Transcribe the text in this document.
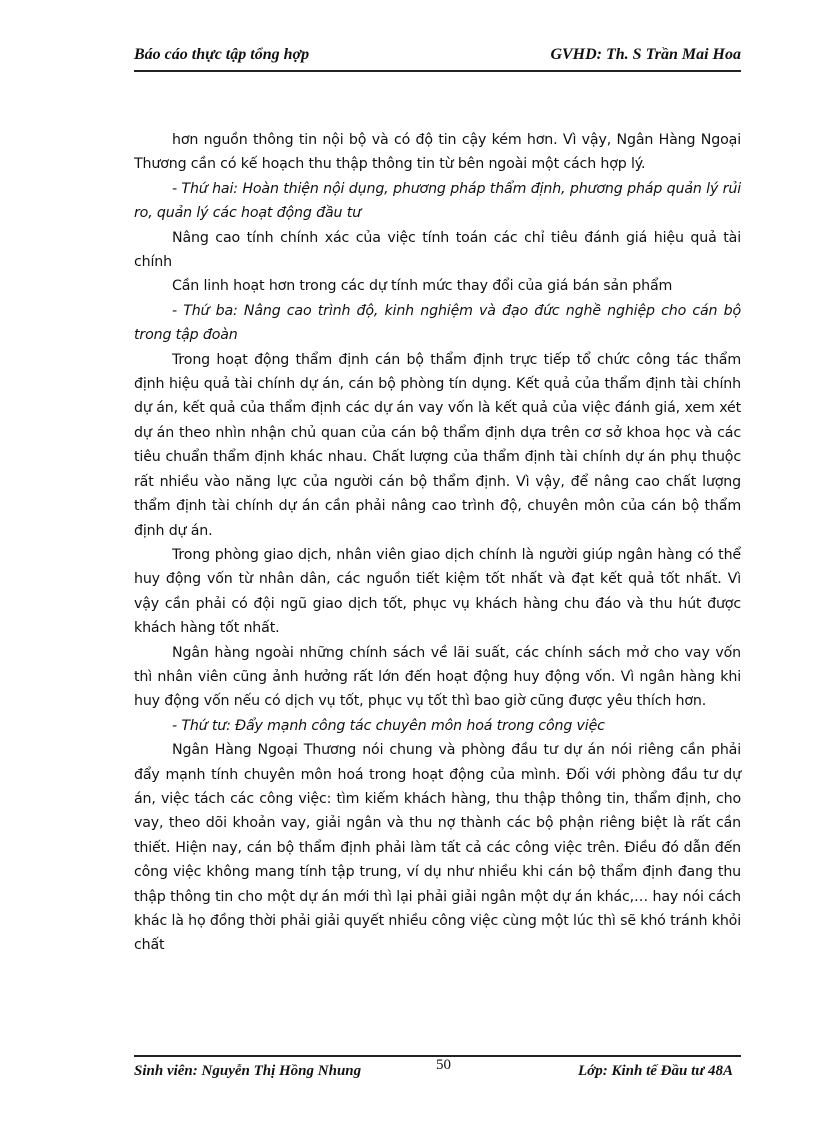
Báo cáo thực tập tổng hợp	GVHD: Th. S Trần Mai Hoa

hơn nguồn thông tin nội bộ và có độ tin cậy kém hơn. Vì vậy, Ngân Hàng Ngoại Thương cần có kế hoạch thu thập thông tin từ bên ngoài một cách hợp lý.

- Thứ hai: Hoàn thiện nội dụng, phương pháp thẩm định, phương pháp quản lý rủi ro, quản lý các hoạt động đầu tư

Nâng cao tính chính xác của việc tính toán các chỉ tiêu đánh giá hiệu quả tài chính

Cần linh hoạt hơn trong các dự tính mức thay đổi của giá bán sản phẩm

- Thứ ba: Nâng cao trình độ, kinh nghiệm và đạo đức nghề nghiệp cho cán bộ trong tập đoàn

Trong hoạt động thẩm định cán bộ thẩm định trực tiếp tổ chức công tác thẩm định hiệu quả tài chính dự án, cán bộ phòng tín dụng. Kết quả của thẩm định tài chính dự án, kết quả của thẩm định các dự án vay vốn là kết quả của việc đánh giá, xem xét dự án theo nhìn nhận chủ quan của cán bộ thẩm định dựa trên cơ sở khoa học và các tiêu chuẩn thẩm định khác nhau. Chất lượng của thẩm định tài chính dự án phụ thuộc rất nhiều vào năng lực của người cán bộ thẩm định. Vì vậy, để nâng cao chất lượng thẩm định tài chính dự án cần phải nâng cao trình độ, chuyên môn của cán bộ thẩm định dự án.

Trong phòng giao dịch, nhân viên giao dịch chính là người giúp ngân hàng có thể huy động vốn từ nhân dân, các nguồn tiết kiệm tốt nhất và đạt kết quả tốt nhất. Vì vậy cần phải có đội ngũ giao dịch tốt, phục vụ khách hàng chu đáo và thu hút được khách hàng tốt nhất.

Ngân hàng ngoài những chính sách về lãi suất, các chính sách mở cho vay vốn thì nhân viên cũng ảnh hưởng rất lớn đến hoạt động huy động vốn. Vì ngân hàng khi huy động vốn nếu có dịch vụ tốt, phục vụ tốt thì bao giờ cũng được yêu thích hơn.

- Thứ tư: Đẩy mạnh công tác chuyên môn hoá trong công việc

Ngân Hàng Ngoại Thương nói chung và phòng đầu tư dự án nói riêng cần phải đẩy mạnh tính chuyên môn hoá trong hoạt động của mình. Đối với phòng đầu tư dự án, việc tách các công việc: tìm kiếm khách hàng, thu thập thông tin, thẩm định, cho vay, theo dõi khoản vay, giải ngân và thu nợ thành các bộ phận riêng biệt là rất cần thiết. Hiện nay, cán bộ thẩm định phải làm tất cả các công việc trên. Điều đó dẫn đến công việc không mang tính tập trung, ví dụ như nhiều khi cán bộ thẩm định đang thu thập thông tin cho một dự án mới thì lại phải giải ngân một dự án khác,… hay nói cách khác là họ đồng thời phải giải quyết nhiều công việc cùng một lúc thì sẽ khó tránh khỏi chất

Sinh viên: Nguyễn Thị Hồng Nhung	50	Lớp: Kinh tế Đầu tư 48A
